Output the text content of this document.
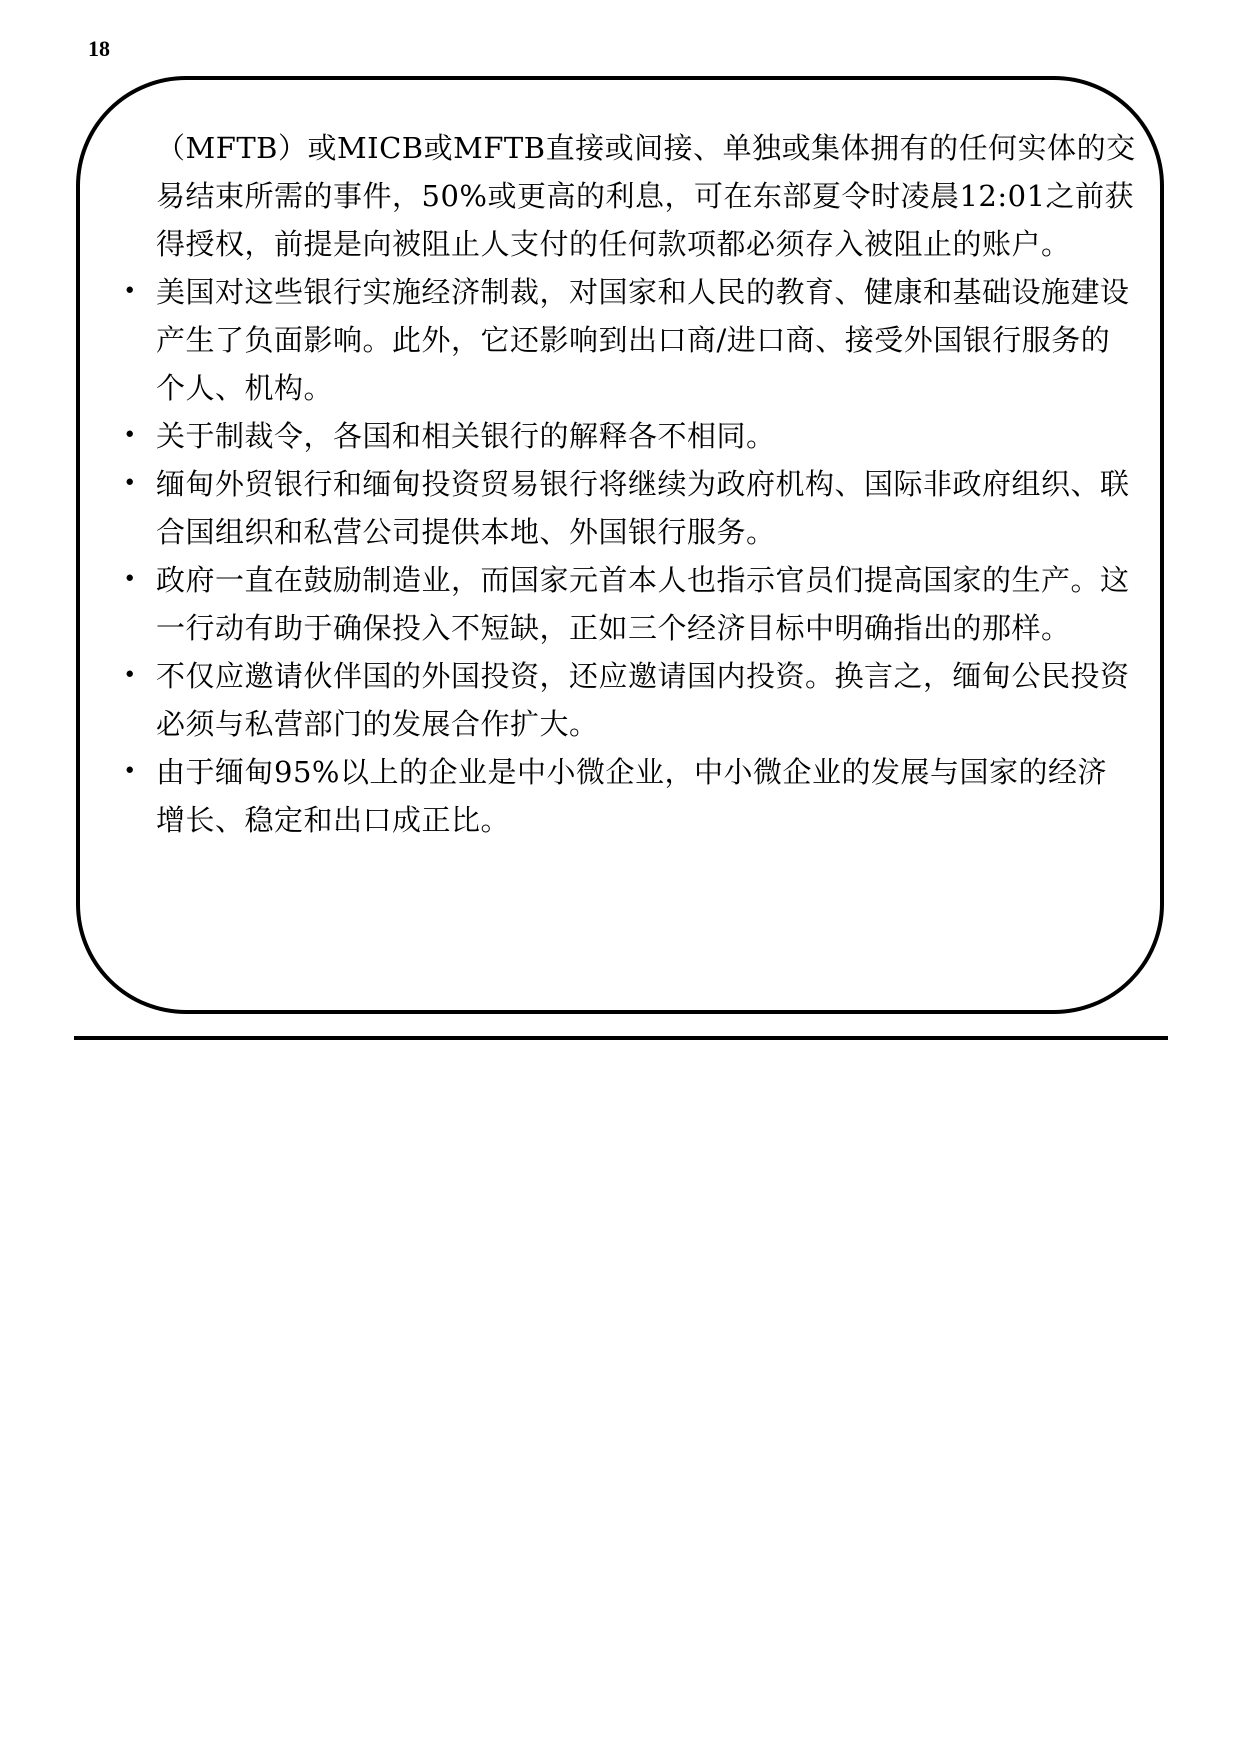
18

（MFTB）或MICB或MFTB直接或间接、单独或集体拥有的任何实体的交易结束所需的事件，50%或更高的利息，可在东部夏令时凌晨12:01之前获得授权，前提是向被阻止人支付的任何款项都必须存入被阻止的账户。

• 美国对这些银行实施经济制裁，对国家和人民的教育、健康和基础设施建设产生了负面影响。此外，它还影响到出口商/进口商、接受外国银行服务的个人、机构。
• 关于制裁令，各国和相关银行的解释各不相同。
• 缅甸外贸银行和缅甸投资贸易银行将继续为政府机构、国际非政府组织、联合国组织和私营公司提供本地、外国银行服务。
• 政府一直在鼓励制造业，而国家元首本人也指示官员们提高国家的生产。这一行动有助于确保投入不短缺，正如三个经济目标中明确指出的那样。
• 不仅应邀请伙伴国的外国投资，还应邀请国内投资。换言之，缅甸公民投资必须与私营部门的发展合作扩大。
• 由于缅甸95%以上的企业是中小微企业，中小微企业的发展与国家的经济增长、稳定和出口成正比。
